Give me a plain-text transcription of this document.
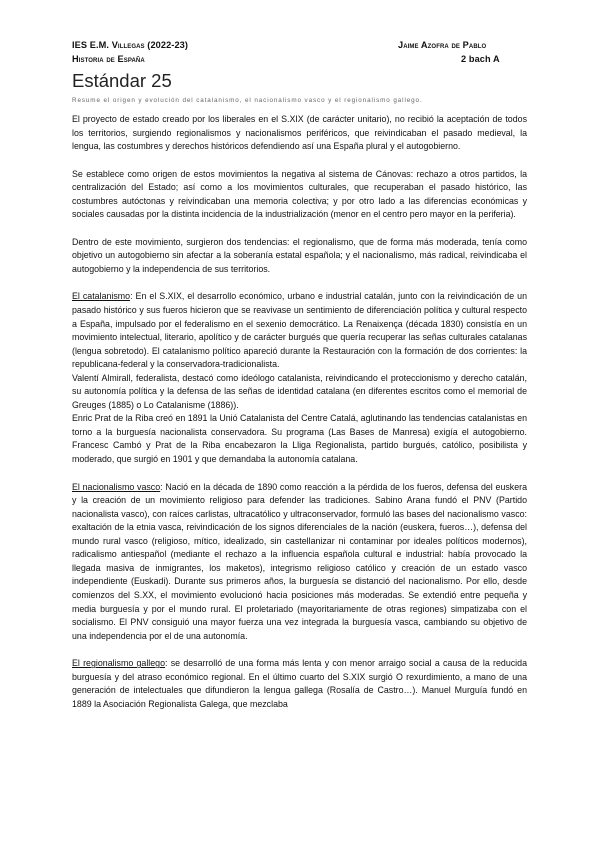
IES E.M. Villegas (2022-23)
Historia de España
Jaime Azofra de Pablo
2 bach A
Estándar 25
Resume el origen y evolución del catalanismo, el nacionalismo vasco y el regionalismo gallego.

El proyecto de estado creado por los liberales en el S.XIX (de carácter unitario), no recibió la aceptación de todos los territorios, surgiendo regionalismos y nacionalismos periféricos, que reivindicaban el pasado medieval, la lengua, las costumbres y derechos históricos defendiendo así una España plural y el autogobierno.

Se establece como origen de estos movimientos la negativa al sistema de Cánovas: rechazo a otros partidos, la centralización del Estado; así como a los movimientos culturales, que recuperaban el pasado histórico, las costumbres autóctonas y reivindicaban una memoria colectiva; y por otro lado a las diferencias económicas y sociales causadas por la distinta incidencia de la industrialización (menor en el centro pero mayor en la periferia).

Dentro de este movimiento, surgieron dos tendencias: el regionalismo, que de forma más moderada, tenía como objetivo un autogobierno sin afectar a la soberanía estatal española; y el nacionalismo, más radical, reivindicaba el autogobierno y la independencia de sus territorios.

El catalanismo: En el S.XIX, el desarrollo económico, urbano e industrial catalán, junto con la reivindicación de un pasado histórico y sus fueros hicieron que se reavivase un sentimiento de diferenciación política y cultural respecto a España, impulsado por el federalismo en el sexenio democrático. La Renaixença (década 1830) consistía en un movimiento intelectual, literario, apolítico y de carácter burgués que quería recuperar las señas culturales catalanas (lengua sobretodo). El catalanismo político apareció durante la Restauración con la formación de dos corrientes: la republicana-federal y la conservadora-tradicionalista.

Valentí Almirall, federalista, destacó como ideólogo catalanista, reivindicando el proteccionismo y derecho catalán, su autonomía política y la defensa de las señas de identidad catalana (en diferentes escritos como el memorial de Greuges (1885) o Lo Catalanisme (1886)).

Enric Prat de la Riba creó en 1891 la Unió Catalanista del Centre Catalá, aglutinando las tendencias catalanistas en torno a la burguesía nacionalista conservadora. Su programa (Las Bases de Manresa) exigía el autogobierno. Francesc Cambó y Prat de la Riba encabezaron la Lliga Regionalista, partido burgués, católico, posibilista y moderado, que surgió en 1901 y que demandaba la autonomía catalana.

El nacionalismo vasco: Nació en la década de 1890 como reacción a la pérdida de los fueros, defensa del euskera y la creación de un movimiento religioso para defender las tradiciones. Sabino Arana fundó el PNV (Partido nacionalista vasco), con raíces carlistas, ultracatólico y ultraconservador, formuló las bases del nacionalismo vasco: exaltación de la etnia vasca, reivindicación de los signos diferenciales de la nación (euskera, fueros…), defensa del mundo rural vasco (religioso, mítico, idealizado, sin castellanizar ni contaminar por ideales políticos modernos), radicalismo antiespañol (mediante el rechazo a la influencia española cultural e industrial: había provocado la llegada masiva de inmigrantes, los maketos), integrismo religioso católico y creación de un estado vasco independiente (Euskadi). Durante sus primeros años, la burguesía se distanció del nacionalismo. Por ello, desde comienzos del S.XX, el movimiento evolucionó hacia posiciones más moderadas. Se extendió entre pequeña y media burguesía y por el mundo rural. El proletariado (mayoritariamente de otras regiones) simpatizaba con el socialismo. El PNV consiguió una mayor fuerza una vez integrada la burguesía vasca, cambiando su objetivo de una independencia por el de una autonomía.

El regionalismo gallego: se desarrolló de una forma más lenta y con menor arraigo social a causa de la reducida burguesía y del atraso económico regional. En el último cuarto del S.XIX surgió O rexurdimiento, a mano de una generación de intelectuales que difundieron la lengua gallega (Rosalía de Castro…). Manuel Murguía fundó en 1889 la Asociación Regionalista Galega, que mezclaba
